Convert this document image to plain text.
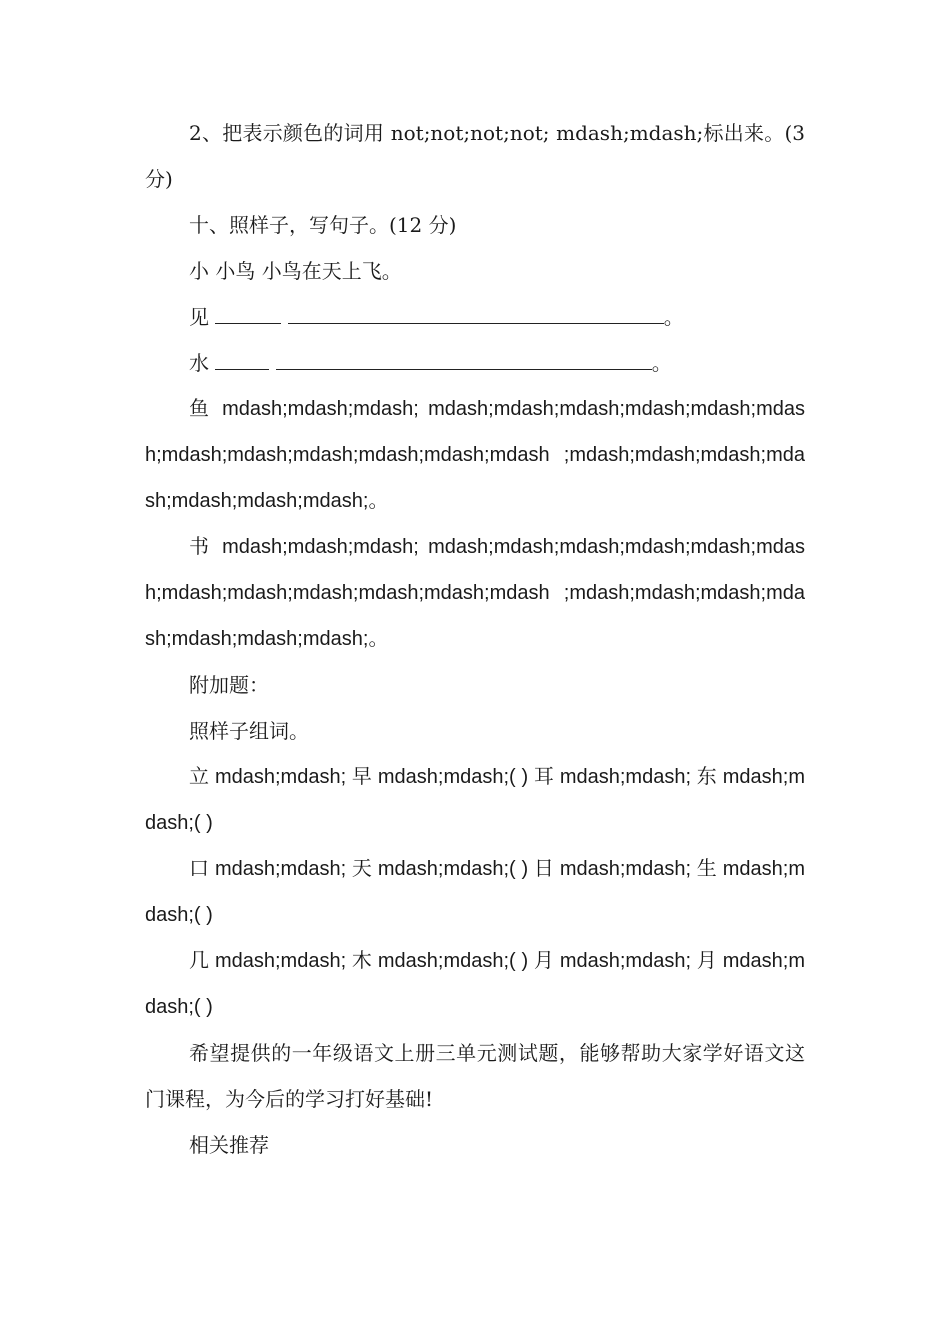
2、把表示颜色的词用 not;not;not;not; mdash;mdash;标出来。(3 分)

十、照样子，写句子。(12 分)

小 小鸟 小鸟在天上飞。

见	。

水	。

鱼 mdash;mdash;mdash; mdash;mdash;mdash;mdash;mdash;mdash;mdash;mdash;mdash;mdash;mdash;mdash ;mdash;mdash;mdash;mdash;mdash;mdash;mdash;。

书 mdash;mdash;mdash; mdash;mdash;mdash;mdash;mdash;mdash;mdash;mdash;mdash;mdash;mdash;mdash ;mdash;mdash;mdash;mdash;mdash;mdash;mdash;。

附加题：

照样子组词。

立 mdash;mdash; 早 mdash;mdash;( ) 耳 mdash;mdash; 东 mdash;mdash;( )

口 mdash;mdash; 天 mdash;mdash;( ) 日 mdash;mdash; 生 mdash;mdash;( )

几 mdash;mdash; 木 mdash;mdash;( ) 月 mdash;mdash; 月 mdash;mdash;( )

希望提供的一年级语文上册三单元测试题，能够帮助大家学好语文这门课程，为今后的学习打好基础!

相关推荐
